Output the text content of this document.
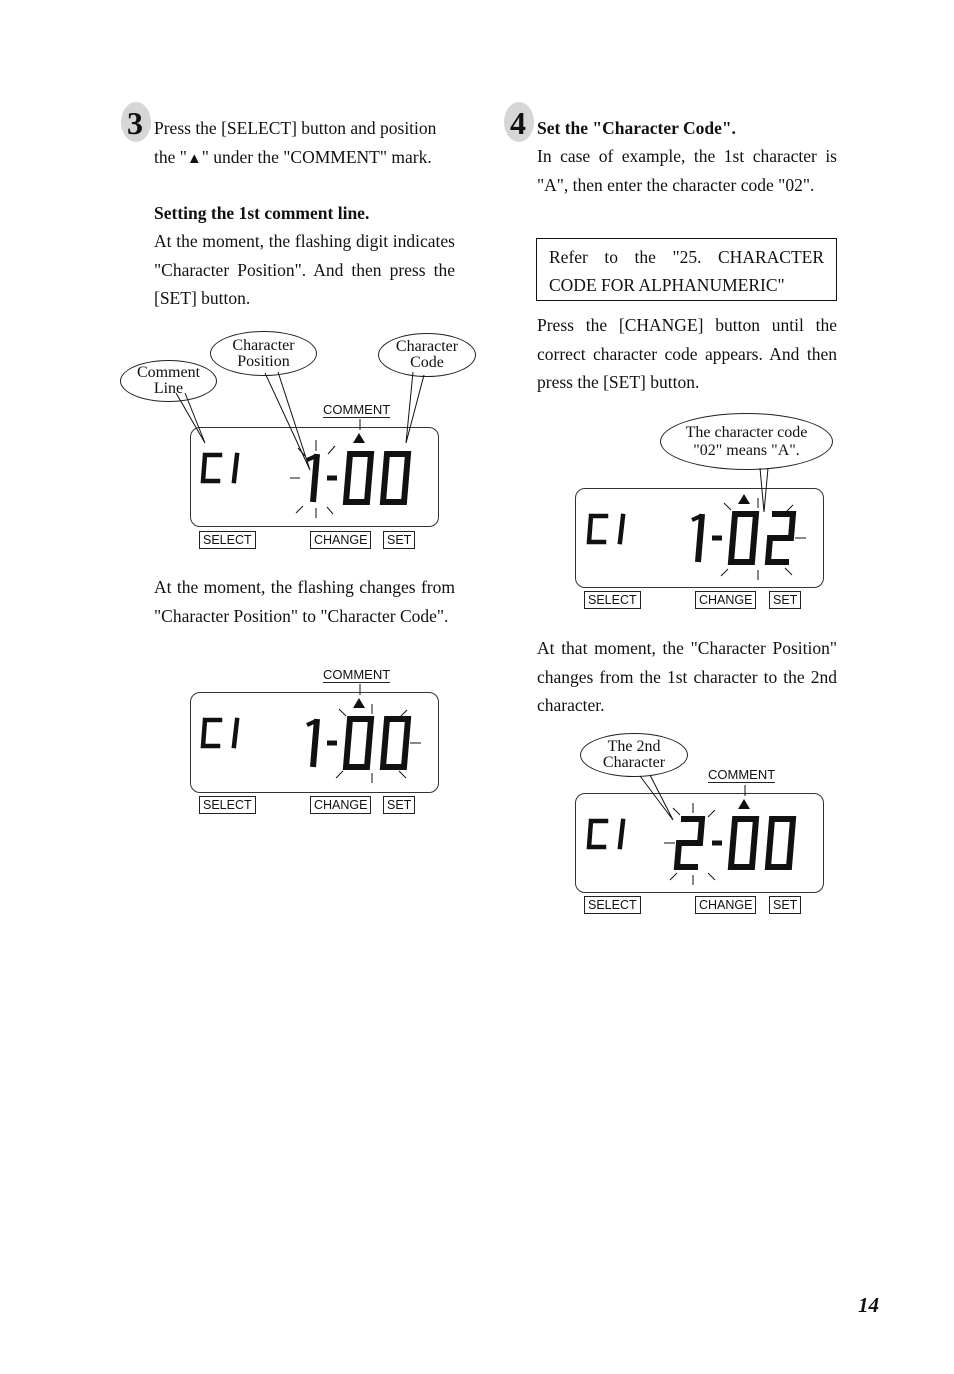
3 Press the [SELECT] button and position
the "▲" under the "COMMENT" mark.
Setting the 1st comment line.
At the moment, the flashing digit indicates "Character Position". And then press the [SET] button.
Comment
Line
Character
Position
Character
Code
COMMENT
SELECT	CHANGE	SET
At the moment, the flashing changes from "Character Position" to "Character Code".
COMMENT
SELECT	CHANGE	SET
4 Set the "Character Code".
In case of example, the 1st character is "A", then enter the character code "02".
Refer to the "25. CHARACTER CODE FOR ALPHANUMERIC"
Press the [CHANGE] button until the correct character code appears. And then press the [SET] button.
The character code
"02" means "A".
SELECT	CHANGE	SET
At that moment, the "Character Position" changes from the 1st character to the 2nd character.
The 2nd
Character
COMMENT
SELECT	CHANGE	SET
14
